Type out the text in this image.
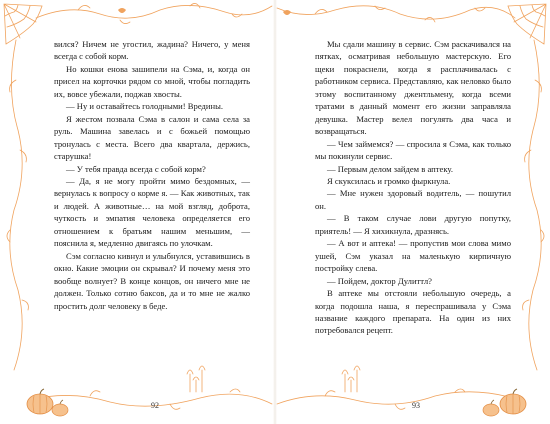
вился? Ничем не угостил, жадина? Ничего, у меня всегда с собой корм.

Но кошки енова зашипели на Сэма, и, когда он присел на корточки рядом со мной, чтобы погладить их, вовсе убежали, поджав хвосты.

— Ну и оставайтесь голодными! Вредины.

Я жестом позвала Сэма в салон и сама села за руль. Машина завелась и с божьей помощью тронулась с места. Всего два квартала, держись, старушка!

— У тебя правда всегда с собой корм?

— Да, я не могу пройти мимо бездомных, — вернулась к вопросу о корме я. — Как животных, так и людей. А животные… на мой взгляд, доброта, чуткость и эмпатия человека определяется его отношением к братьям нашим меньшим, — пояснила я, медленно двигаясь по улочкам.

Сэм согласно кивнул и улыбнулся, уставившись в окно. Какие эмоции он скрывал? И почему меня это вообще волнует? В конце концов, он ничего мне не должен. Только сотню баксов, да и то мне не жалко простить долг человеку в беде.

92

Мы сдали машину в сервис. Сэм раскачивался на пятках, осматривая небольшую мастерскую. Его щеки покраснели, когда я расплачивалась с работником сервиса. Представляю, как неловко было этому воспитанному джентльмену, когда всеми тратами в данный момент его жизни заправляла девушка. Мастер велел погулять два часа и возвращаться.

— Чем займемся? — спросила я Сэма, как только мы покинули сервис.

— Первым делом зайдем в аптеку.

Я скуксилась и громко фыркнула.

— Мне нужен здоровый водитель, — пошутил он.

— В таком случае лови другую попутку, приятель! — Я хихикнула, дразнясь.

— А вот и аптека! — пропустив мои слова мимо ушей, Сэм указал на маленькую кирпичную постройку слева.

— Пойдем, доктор Дулиттл?

В аптеке мы отстояли небольшую очередь, а когда подошла наша, я переспрашивала у Сэма название каждого препарата. На один из них потребовался рецепт.

93
